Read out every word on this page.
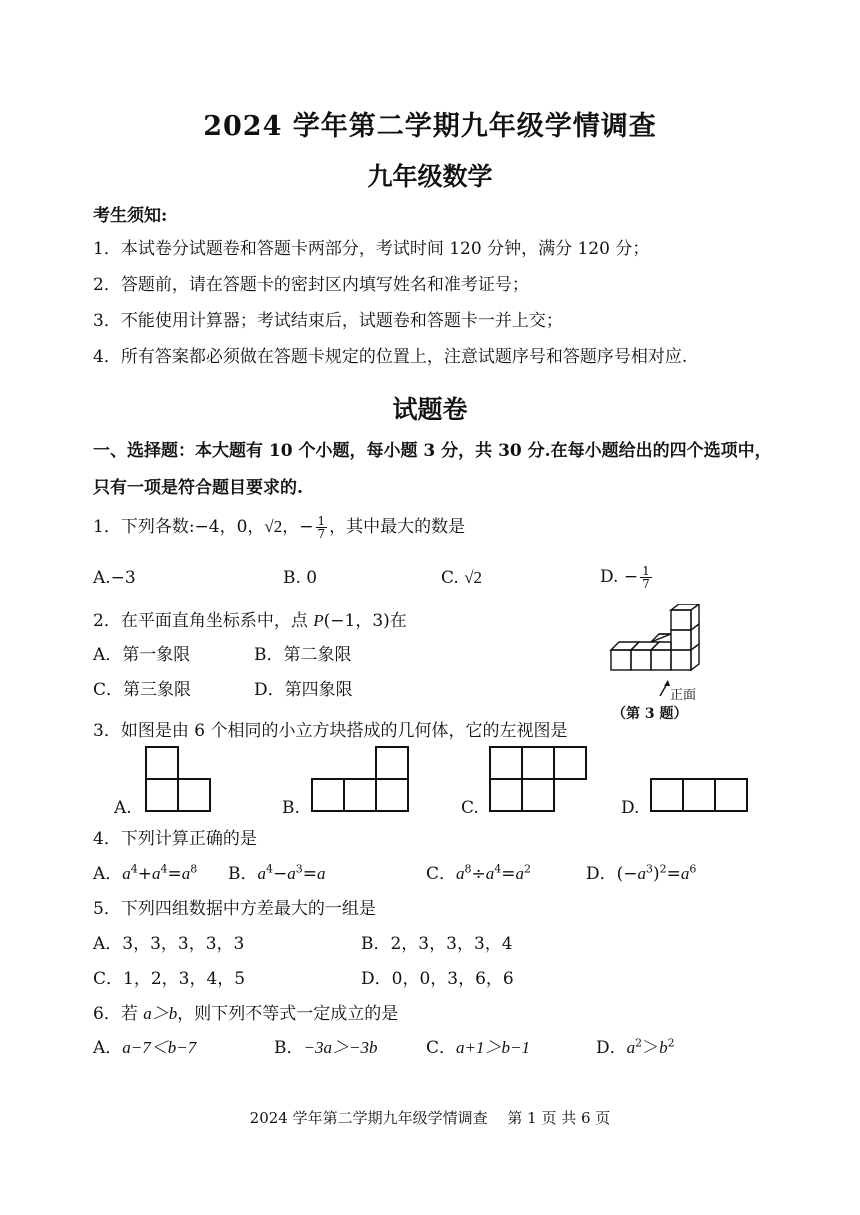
2024 学年第二学期九年级学情调查
九年级数学
考生须知:
1．本试卷分试题卷和答题卡两部分，考试时间 120 分钟，满分 120 分；
2．答题前，请在答题卡的密封区内填写姓名和准考证号；
3．不能使用计算器；考试结束后，试题卷和答题卡一并上交；
4．所有答案都必须做在答题卡规定的位置上，注意试题序号和答题序号相对应.
试题卷
一、选择题：本大题有 10 个小题，每小题 3 分，共 30 分.在每小题给出的四个选项中，
只有一项是符合题目要求的.
1．下列各数:−4，0，√2，− $\frac{1}{7}$ ，其中最大的数是
A.−3	B. 0	C. √2	D. − $\frac{1}{7}$
2．在平面直角坐标系中，点 P(−1，3)在
A．第一象限	B．第二象限
C．第三象限	D．第四象限	正面
（第 3 题）
3．如图是由 6 个相同的小立方块搭成的几何体，它的左视图是
A.	B.	C.	D.
4．下列计算正确的是
A．$a^4+a^4=a^8$ B．$a^4-a^3=a$	C．$a^8\div a^4=a^2$	D．$(-a^3)^2=a^6$
5．下列四组数据中方差最大的一组是
A．3，3，3，3，3	B．2，3，3，3，4
C．1，2，3，4，5	D．0，0，3，6，6
6．若 a＞b，则下列不等式一定成立的是
A．a−7＜b−7	B．−3a＞−3b	C．a+1＞b−1	D．$a^2>b^2$
2024 学年第二学期九年级学情调查　 第 1 页 共 6 页
